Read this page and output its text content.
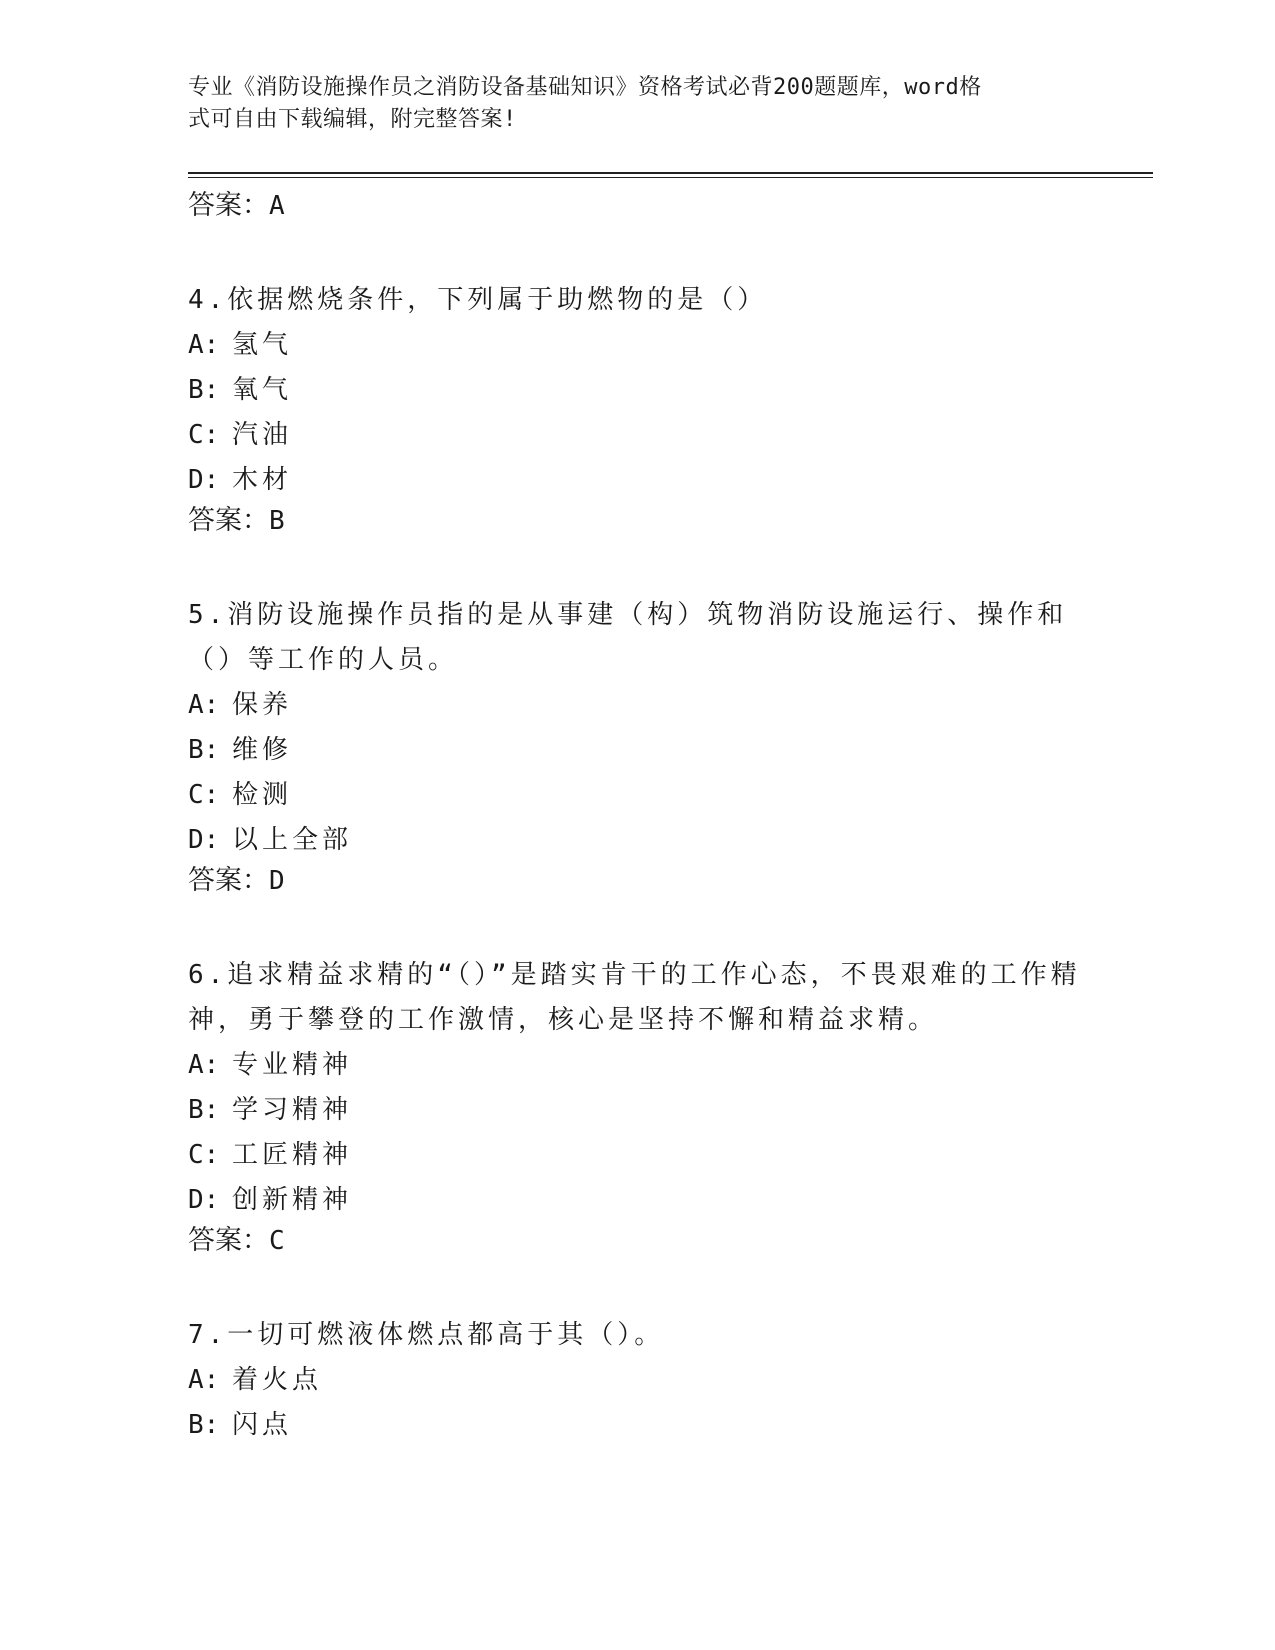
专业《消防设施操作员之消防设备基础知识》资格考试必背200题题库，word格
式可自由下载编辑，附完整答案!

答案：A

4.依据燃烧条件，下列属于助燃物的是（）

A: 氢气

B: 氧气

C: 汽油

D: 木材

答案：B

5.消防设施操作员指的是从事建（构）筑物消防设施运行、操作和（）等工作的人员。

A: 保养

B: 维修

C: 检测

D: 以上全部

答案：D

6.追求精益求精的“（）”是踏实肯干的工作心态，不畏艰难的工作精神，勇于攀登的工作激情，核心是坚持不懈和精益求精。

A: 专业精神

B: 学习精神

C: 工匠精神

D: 创新精神

答案：C

7.一切可燃液体燃点都高于其（）。

A: 着火点

B: 闪点
